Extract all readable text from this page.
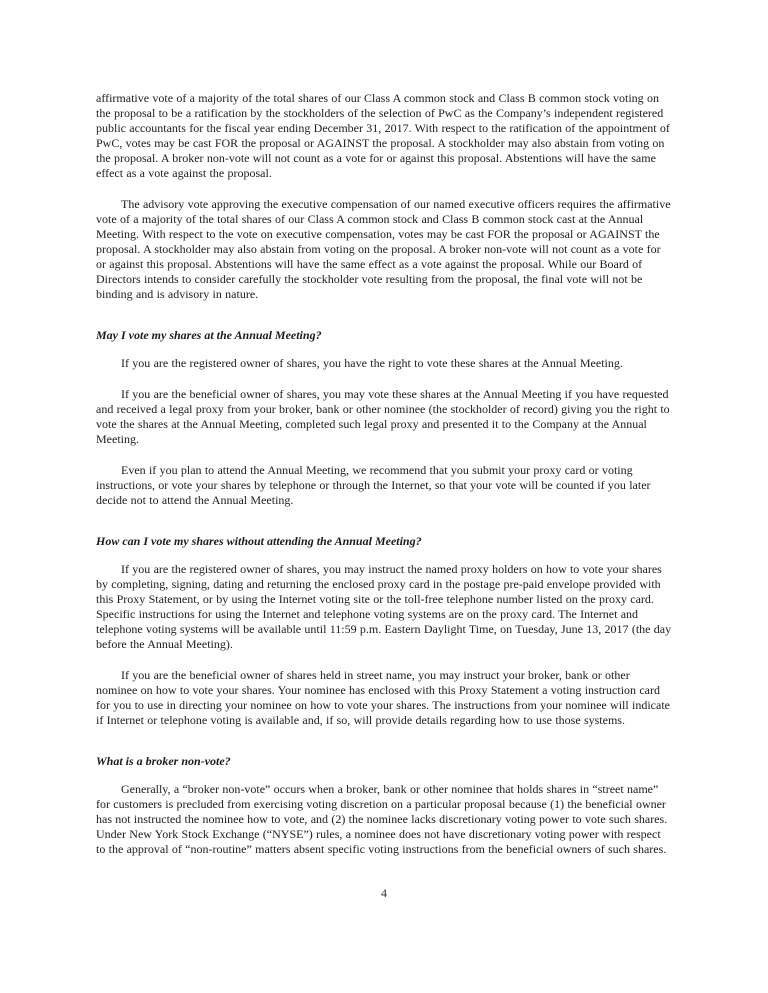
affirmative vote of a majority of the total shares of our Class A common stock and Class B common stock voting on the proposal to be a ratification by the stockholders of the selection of PwC as the Company’s independent registered public accountants for the fiscal year ending December 31, 2017. With respect to the ratification of the appointment of PwC, votes may be cast FOR the proposal or AGAINST the proposal. A stockholder may also abstain from voting on the proposal. A broker non-vote will not count as a vote for or against this proposal. Abstentions will have the same effect as a vote against the proposal.

The advisory vote approving the executive compensation of our named executive officers requires the affirmative vote of a majority of the total shares of our Class A common stock and Class B common stock cast at the Annual Meeting. With respect to the vote on executive compensation, votes may be cast FOR the proposal or AGAINST the proposal. A stockholder may also abstain from voting on the proposal. A broker non-vote will not count as a vote for or against this proposal. Abstentions will have the same effect as a vote against the proposal. While our Board of Directors intends to consider carefully the stockholder vote resulting from the proposal, the final vote will not be binding and is advisory in nature.

May I vote my shares at the Annual Meeting?

If you are the registered owner of shares, you have the right to vote these shares at the Annual Meeting.

If you are the beneficial owner of shares, you may vote these shares at the Annual Meeting if you have requested and received a legal proxy from your broker, bank or other nominee (the stockholder of record) giving you the right to vote the shares at the Annual Meeting, completed such legal proxy and presented it to the Company at the Annual Meeting.

Even if you plan to attend the Annual Meeting, we recommend that you submit your proxy card or voting instructions, or vote your shares by telephone or through the Internet, so that your vote will be counted if you later decide not to attend the Annual Meeting.

How can I vote my shares without attending the Annual Meeting?

If you are the registered owner of shares, you may instruct the named proxy holders on how to vote your shares by completing, signing, dating and returning the enclosed proxy card in the postage pre-paid envelope provided with this Proxy Statement, or by using the Internet voting site or the toll-free telephone number listed on the proxy card. Specific instructions for using the Internet and telephone voting systems are on the proxy card. The Internet and telephone voting systems will be available until 11:59 p.m. Eastern Daylight Time, on Tuesday, June 13, 2017 (the day before the Annual Meeting).

If you are the beneficial owner of shares held in street name, you may instruct your broker, bank or other nominee on how to vote your shares. Your nominee has enclosed with this Proxy Statement a voting instruction card for you to use in directing your nominee on how to vote your shares. The instructions from your nominee will indicate if Internet or telephone voting is available and, if so, will provide details regarding how to use those systems.

What is a broker non-vote?

Generally, a “broker non-vote” occurs when a broker, bank or other nominee that holds shares in “street name” for customers is precluded from exercising voting discretion on a particular proposal because (1) the beneficial owner has not instructed the nominee how to vote, and (2) the nominee lacks discretionary voting power to vote such shares. Under New York Stock Exchange (“NYSE”) rules, a nominee does not have discretionary voting power with respect to the approval of “non-routine” matters absent specific voting instructions from the beneficial owners of such shares.

4
